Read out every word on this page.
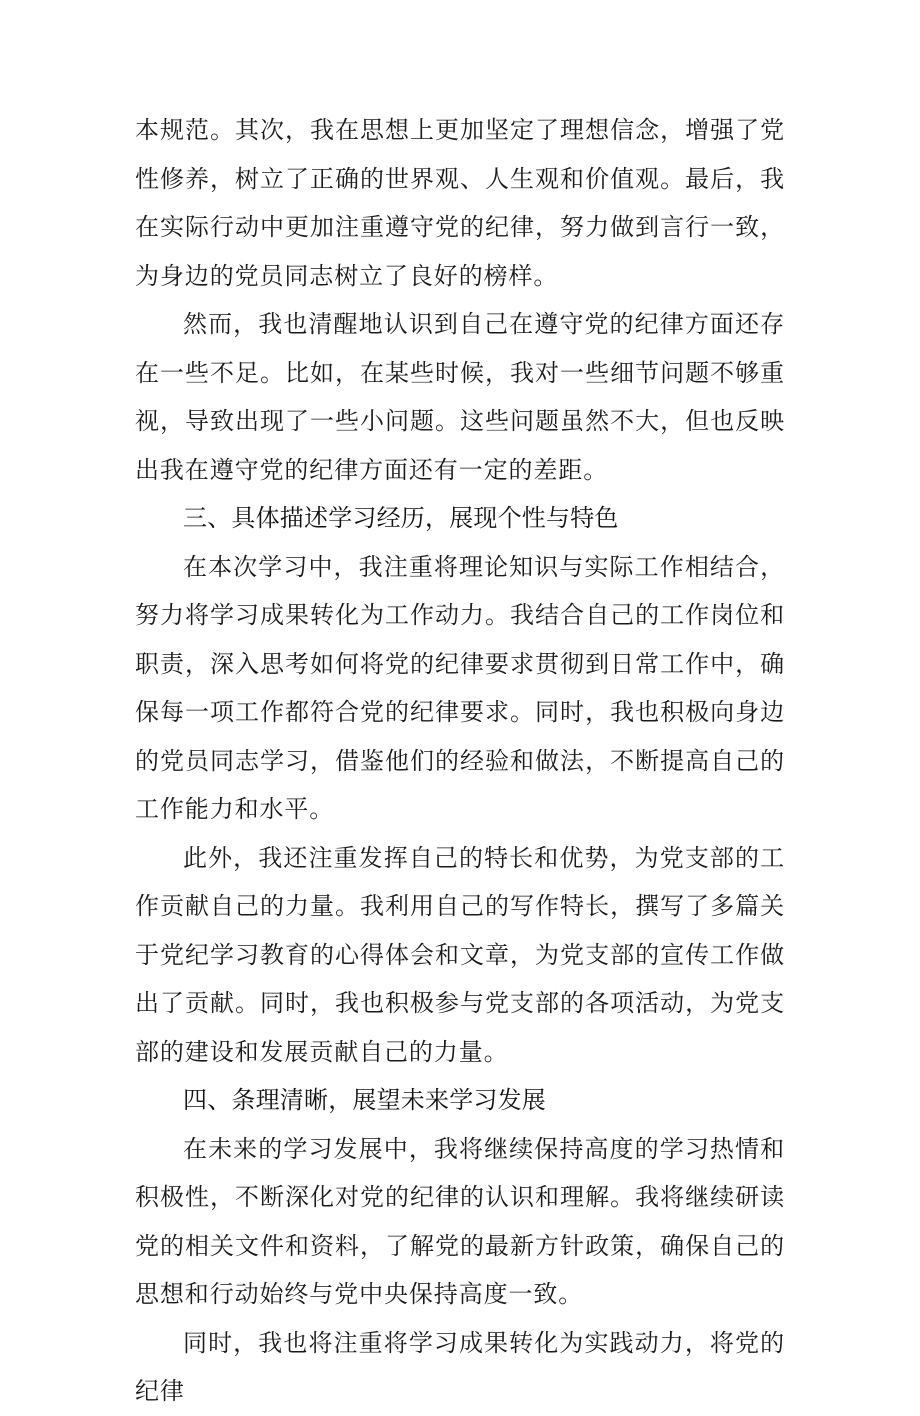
本规范。其次，我在思想上更加坚定了理想信念，增强了党性修养，树立了正确的世界观、人生观和价值观。最后，我在实际行动中更加注重遵守党的纪律，努力做到言行一致，为身边的党员同志树立了良好的榜样。

然而，我也清醒地认识到自己在遵守党的纪律方面还存在一些不足。比如，在某些时候，我对一些细节问题不够重视，导致出现了一些小问题。这些问题虽然不大，但也反映出我在遵守党的纪律方面还有一定的差距。

三、具体描述学习经历，展现个性与特色

在本次学习中，我注重将理论知识与实际工作相结合，努力将学习成果转化为工作动力。我结合自己的工作岗位和职责，深入思考如何将党的纪律要求贯彻到日常工作中，确保每一项工作都符合党的纪律要求。同时，我也积极向身边的党员同志学习，借鉴他们的经验和做法，不断提高自己的工作能力和水平。

此外，我还注重发挥自己的特长和优势，为党支部的工作贡献自己的力量。我利用自己的写作特长，撰写了多篇关于党纪学习教育的心得体会和文章，为党支部的宣传工作做出了贡献。同时，我也积极参与党支部的各项活动，为党支部的建设和发展贡献自己的力量。

四、条理清晰，展望未来学习发展

在未来的学习发展中，我将继续保持高度的学习热情和积极性，不断深化对党的纪律的认识和理解。我将继续研读党的相关文件和资料，了解党的最新方针政策，确保自己的思想和行动始终与党中央保持高度一致。

同时，我也将注重将学习成果转化为实践动力，将党的纪律
